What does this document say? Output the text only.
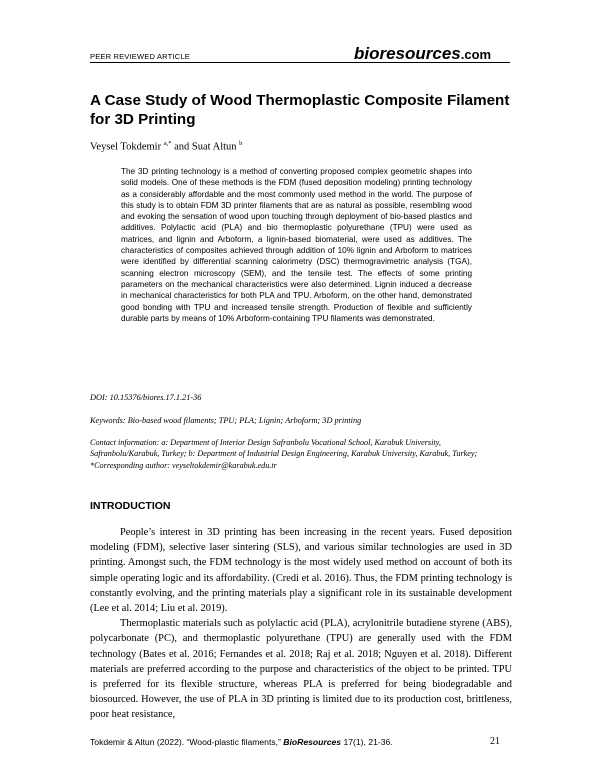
PEER REVIEWED ARTICLE	bioresources.com
A Case Study of Wood Thermoplastic Composite Filament for 3D Printing
Veysel Tokdemir $^{a,*}$ and Suat Altun $^b$
The 3D printing technology is a method of converting proposed complex geometric shapes into solid models. One of these methods is the FDM (fused deposition modeling) printing technology as a considerably affordable and the most commonly used method in the world. The purpose of this study is to obtain FDM 3D printer filaments that are as natural as possible, resembling wood and evoking the sensation of wood upon touching through deployment of bio-based plastics and additives. Polylactic acid (PLA) and bio thermoplastic polyurethane (TPU) were used as matrices, and lignin and Arboform, a lignin-based biomaterial, were used as additives. The characteristics of composites achieved through addition of 10% lignin and Arboform to matrices were identified by differential scanning calorimetry (DSC) thermogravimetric analysis (TGA), scanning electron microscopy (SEM), and the tensile test. The effects of some printing parameters on the mechanical characteristics were also determined. Lignin induced a decrease in mechanical characteristics for both PLA and TPU. Arboform, on the other hand, demonstrated good bonding with TPU and increased tensile strength. Production of flexible and sufficiently durable parts by means of 10% Arboform-containing TPU filaments was demonstrated.
DOI: 10.15376/biores.17.1.21-36
Keywords: Bio-based wood filaments; TPU; PLA; Lignin; Arboform; 3D printing
Contact information: a: Department of Interior Design Safranbolu Vocational School, Karabuk University, Safranbolu/Karabuk, Turkey; b: Department of Industrial Design Engineering, Karabuk University, Karabuk, Turkey; *Corresponding author: veyseltokdemir@karabuk.edu.tr
INTRODUCTION

People’s interest in 3D printing has been increasing in the recent years. Fused deposition modeling (FDM), selective laser sintering (SLS), and various similar technologies are used in 3D printing. Amongst such, the FDM technology is the most widely used method on account of both its simple operating logic and its affordability. (Credi et al. 2016). Thus, the FDM printing technology is constantly evolving, and the printing materials play a significant role in its sustainable development (Lee et al. 2014; Liu et al. 2019).

Thermoplastic materials such as polylactic acid (PLA), acrylonitrile butadiene styrene (ABS), polycarbonate (PC), and thermoplastic polyurethane (TPU) are generally used with the FDM technology (Bates et al. 2016; Fernandes et al. 2018; Raj et al. 2018; Nguyen et al. 2018). Different materials are preferred according to the purpose and characteristics of the object to be printed. TPU is preferred for its flexible structure, whereas PLA is preferred for being biodegradable and biosourced. However, the use of PLA in 3D printing is limited due to its production cost, brittleness, poor heat resistance,

Tokdemir & Altun (2022). “Wood-plastic filaments,” BioResources 17(1), 21-36.	21
